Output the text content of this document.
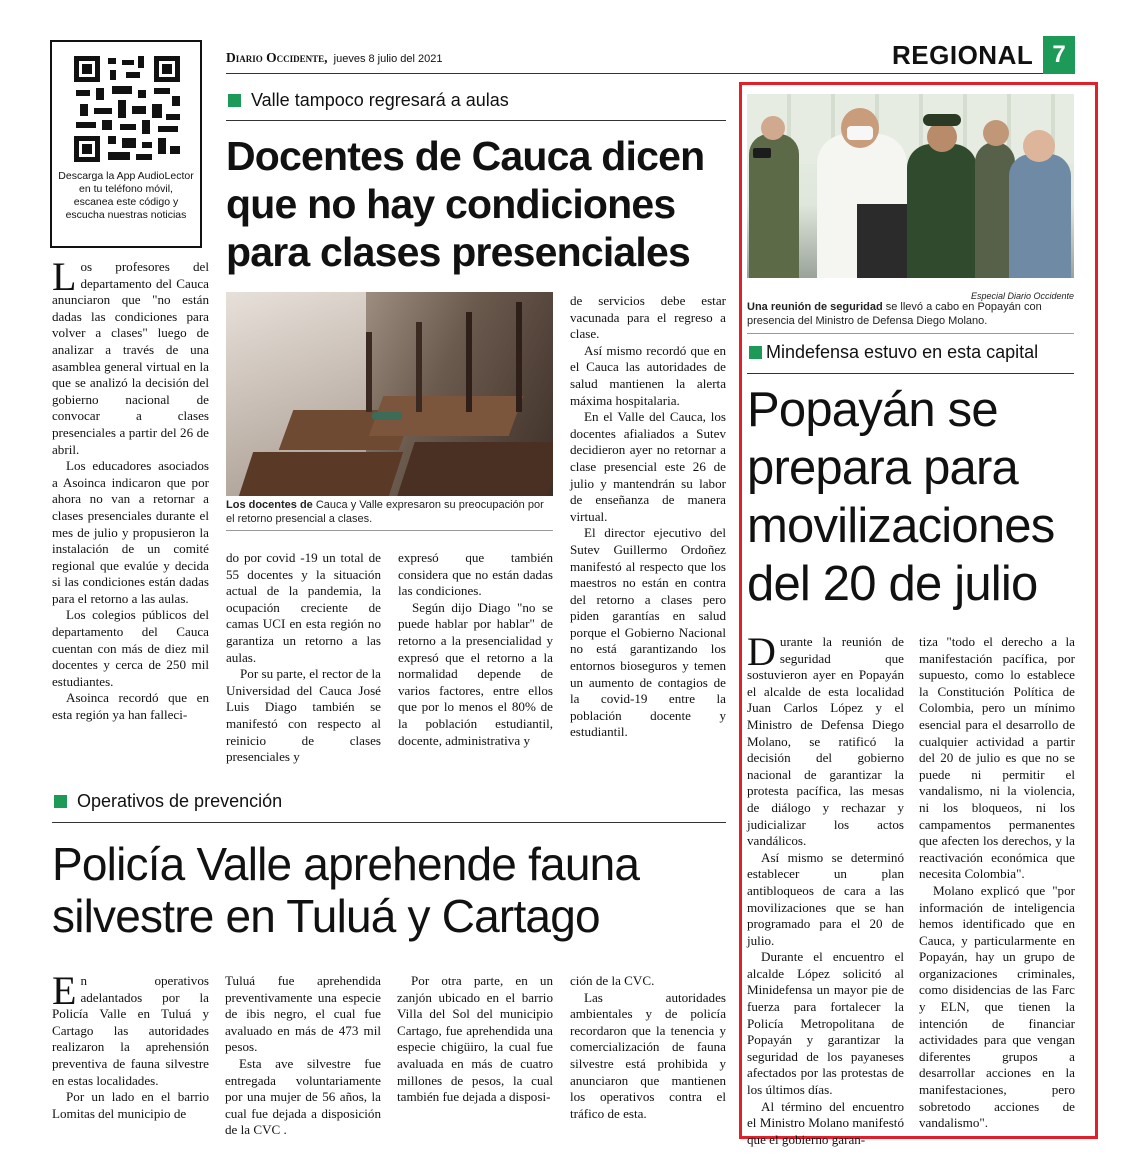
Diario Occidente, jueves 8 julio del 2021	REGIONAL 7
Descarga la App AudioLector en tu teléfono móvil, escanea este código y escucha nuestras noticias
Valle tampoco regresará a aulas
Docentes de Cauca dicen que no hay condiciones para clases presenciales
Los docentes de Cauca y Valle expresaron su preocupación por el retorno presencial a clases.

Los profesores del departamento del Cauca anunciaron que "no están dadas las condiciones para volver a clases" luego de analizar a través de una asamblea general virtual en la que se analizó la decisión del gobierno nacional de convocar a clases presenciales a partir del 26 de abril.

Los educadores asociados a Asoinca indicaron que por ahora no van a retornar a clases presenciales durante el mes de julio y propusieron la instalación de un comité regional que evalúe y decida si las condiciones están dadas para el retorno a las aulas.

Los colegios públicos del departamento del Cauca cuentan con más de diez mil docentes y cerca de 250 mil estudiantes.

Asoinca recordó que en esta región ya han falleci-

do por covid -19 un total de 55 docentes y la situación actual de la pandemia, la ocupación creciente de camas UCI en esta región no garantiza un retorno a las aulas.

Por su parte, el rector de la Universidad del Cauca José Luis Diago también se manifestó con respecto al reinicio de clases presenciales y

expresó que también considera que no están dadas las condiciones.

Según dijo Diago "no se puede hablar por hablar" de retorno a la presencialidad y expresó que el retorno a la normalidad depende de varios factores, entre ellos que por lo menos el 80% de la población estudiantil, docente, administrativa y

de servicios debe estar vacunada para el regreso a clase.

Así mismo recordó que en el Cauca las autoridades de salud mantienen la alerta máxima hospitalaria.

En el Valle del Cauca, los docentes afialiados a Sutev decidieron ayer no retornar a clase presencial este 26 de julio y mantendrán su labor de enseñanza de manera virtual.

El director ejecutivo del Sutev Guillermo Ordoñez manifestó al respecto que los maestros no están en contra del retorno a clases pero piden garantías en salud porque el Gobierno Nacional no está garantizando los entornos bioseguros y temen un aumento de contagios de la covid-19 entre la población docente y estudiantil.

Operativos de prevención
Policía Valle aprehende fauna silvestre en Tuluá y Cartago

En operativos adelantados por la Policía Valle en Tuluá y Cartago las autoridades realizaron la aprehensión preventiva de fauna silvestre en estas localidades.

Por un lado en el barrio Lomitas del municipio de

Tuluá fue aprehendida preventivamente una especie de ibis negro, el cual fue avaluado en más de 473 mil pesos.

Esta ave silvestre fue entregada voluntariamente por una mujer de 56 años, la cual fue dejada a disposición de la CVC .

Por otra parte, en un zanjón ubicado en el barrio Villa del Sol del municipio Cartago, fue aprehendida una especie chigüiro, la cual fue avaluada en más de cuatro millones de pesos, la cual también fue dejada a disposi-

ción de la CVC.

Las autoridades ambientales y de policía recordaron que la tenencia y comercialización de fauna silvestre está prohibida y anunciaron que mantienen los operativos contra el tráfico de esta.

Especial Diario Occidente
Una reunión de seguridad se llevó a cabo en Popayán con presencia del Ministro de Defensa Diego Molano.
Mindefensa estuvo en esta capital
Popayán se prepara para movilizaciones del 20 de julio

Durante la reunión de seguridad que sostuvieron ayer en Popayán el alcalde de esta localidad Juan Carlos López y el Ministro de Defensa Diego Molano, se ratificó la decisión del gobierno nacional de garantizar la protesta pacífica, las mesas de diálogo y rechazar y judicializar los actos vandálicos.

Así mismo se determinó establecer un plan antibloqueos de cara a las movilizaciones que se han programado para el 20 de julio.

Durante el encuentro el alcalde López solicitó al Minidefensa un mayor pie de fuerza para fortalecer la Policía Metropolitana de Popayán y garantizar la seguridad de los payaneses afectados por las protestas de los últimos días.

Al término del encuentro el Ministro Molano manifestó que el gobierno garan-

tiza "todo el derecho a la manifestación pacífica, por supuesto, como lo establece la Constitución Política de Colombia, pero un mínimo esencial para el desarrollo de cualquier actividad a partir del 20 de julio es que no se puede ni permitir el vandalismo, ni la violencia, ni los bloqueos, ni los campamentos permanentes que afecten los derechos, y la reactivación económica que necesita Colombia".

Molano explicó que "por información de inteligencia hemos identificado que en Cauca, y particularmente en Popayán, hay un grupo de organizaciones criminales, como disidencias de las Farc y ELN, que tienen la intención de financiar actividades para que vengan diferentes grupos a desarrollar acciones en la manifestaciones, pero sobretodo acciones de vandalismo".
